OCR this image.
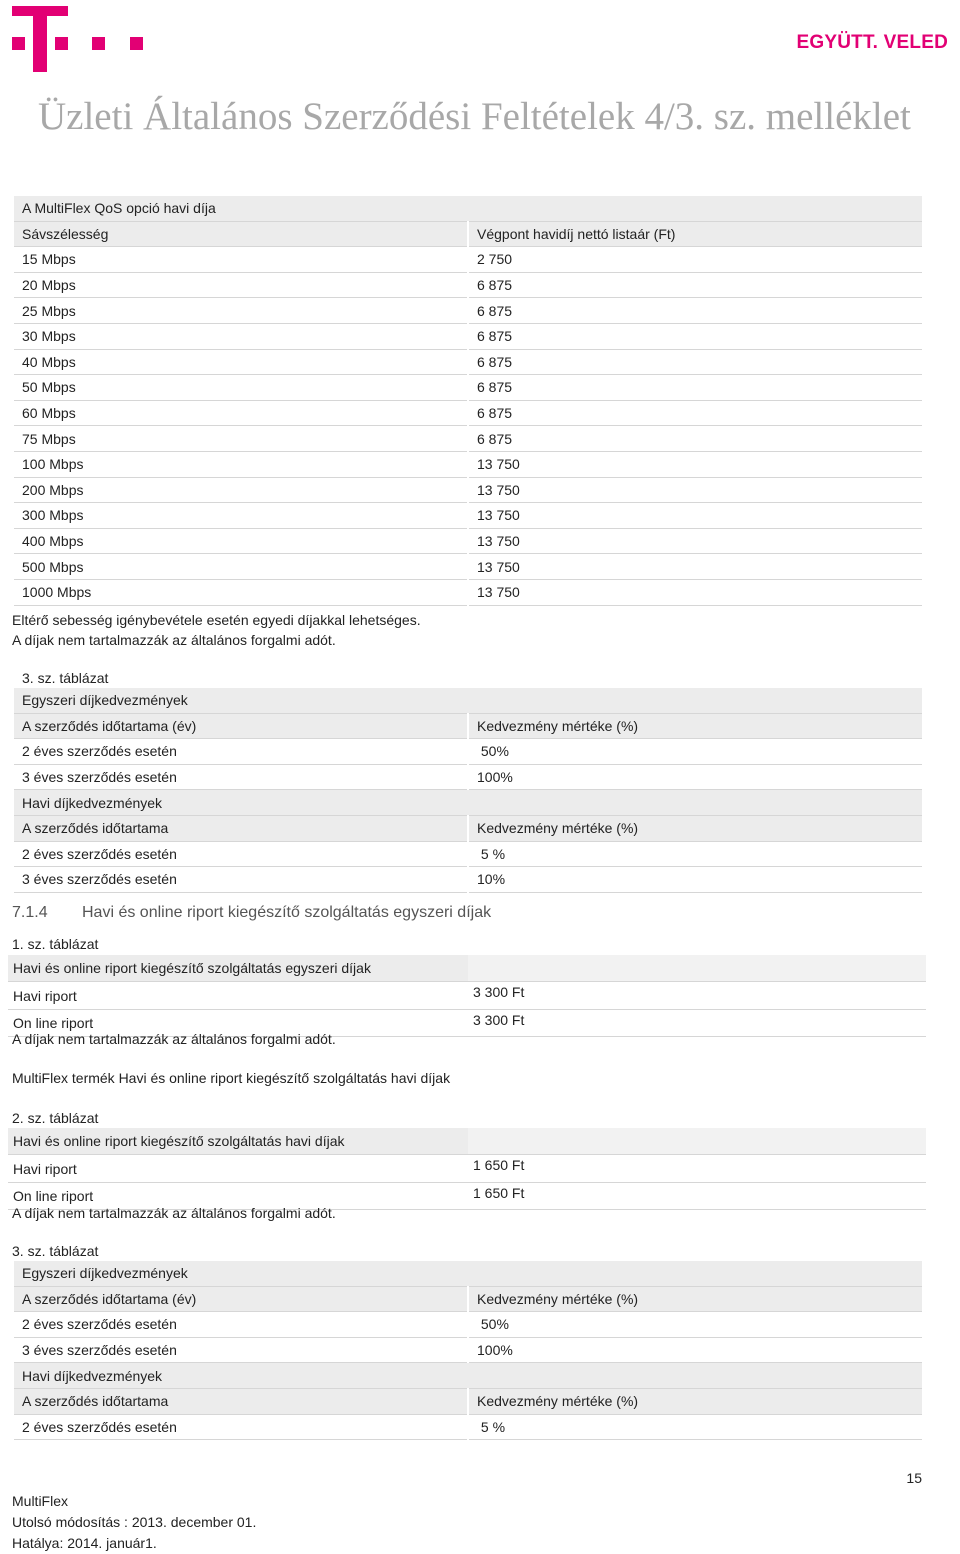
EGYÜTT. VELED
Üzleti Általános Szerződési Feltételek 4/3. sz. melléklet
A MultiFlex QoS opció havi díja	
Sávszélesség	Végpont havidíj nettó listaár (Ft)
15 Mbps	2 750
20 Mbps	6 875
25 Mbps	6 875
30 Mbps	6 875
40 Mbps	6 875
50 Mbps	6 875
60 Mbps	6 875
75 Mbps	6 875
100 Mbps	13 750
200 Mbps	13 750
300 Mbps	13 750
400 Mbps	13 750
500 Mbps	13 750
1000 Mbps	13 750
Eltérő sebesség igénybevétele esetén egyedi díjakkal lehetséges.
A díjak nem tartalmazzák az általános forgalmi adót.
3. sz. táblázat
Egyszeri díjkedvezmények	
A szerződés időtartama (év)	Kedvezmény mértéke (%)
2 éves szerződés esetén	50%
3 éves szerződés esetén	100%
Havi díjkedvezmények	
A szerződés időtartama	Kedvezmény mértéke (%)
2 éves szerződés esetén	5 %
3 éves szerződés esetén	10%
7.1.4 Havi és online riport kiegészítő szolgáltatás egyszeri díjak
1. sz. táblázat
Havi és online riport kiegészítő szolgáltatás egyszeri díjak	
Havi riport	3 300 Ft
On line riport	3 300 Ft
A díjak nem tartalmazzák az általános forgalmi adót.
MultiFlex termék Havi és online riport kiegészítő szolgáltatás havi díjak
2. sz. táblázat
Havi és online riport kiegészítő szolgáltatás havi díjak	
Havi riport	1 650 Ft
On line riport	1 650 Ft
A díjak nem tartalmazzák az általános forgalmi adót.
3. sz. táblázat
Egyszeri díjkedvezmények	
A szerződés időtartama (év)	Kedvezmény mértéke (%)
2 éves szerződés esetén	50%
3 éves szerződés esetén	100%
Havi díjkedvezmények	
A szerződés időtartama	Kedvezmény mértéke (%)
2 éves szerződés esetén	5 %
15
MultiFlex
Utolsó módosítás : 2013. december 01.
Hatálya: 2014. január1.
